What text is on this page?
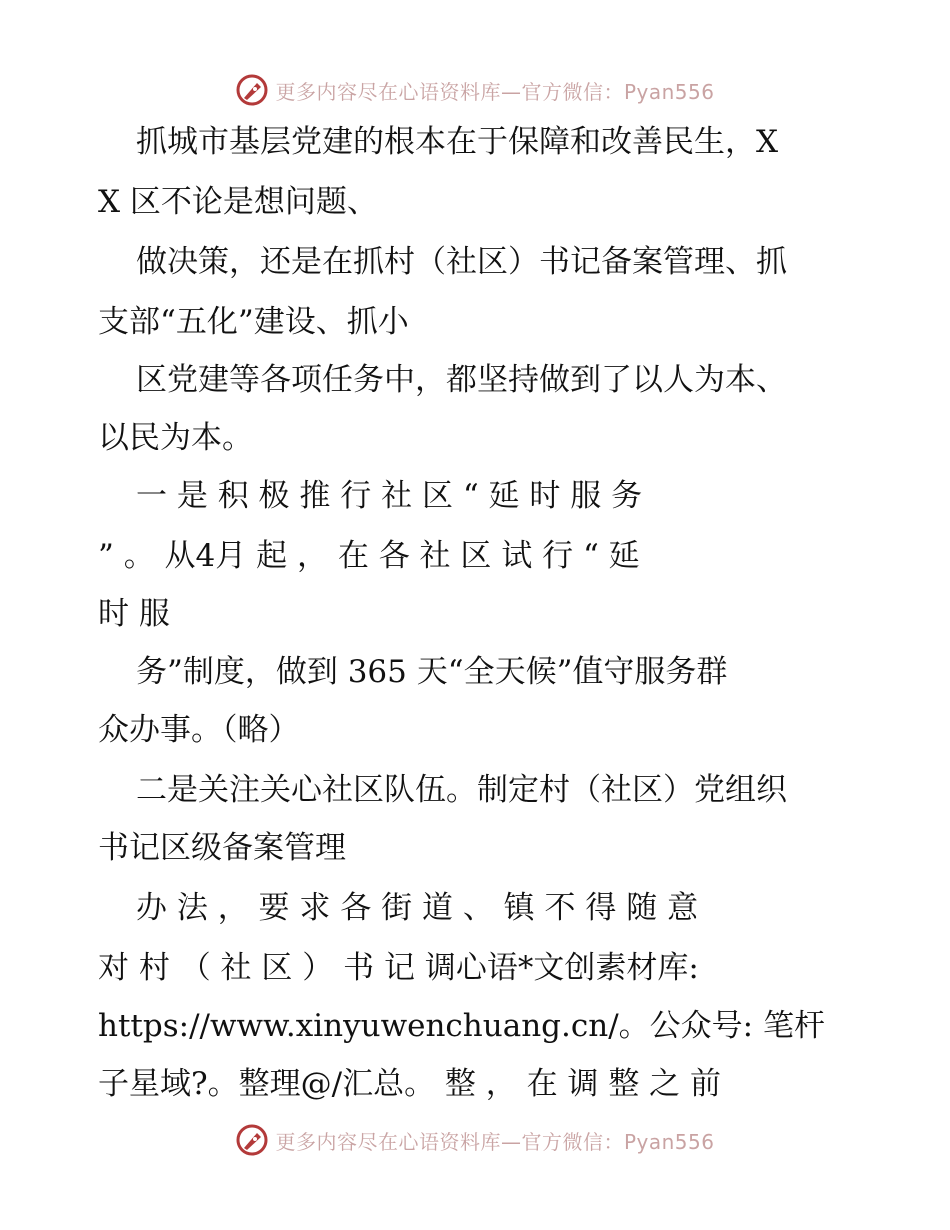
更多内容尽在心语资料库—官方微信：Pyan556
抓城市基层党建的根本在于保障和改善民生，X
X 区不论是想问题、
做决策，还是在抓村（社区）书记备案管理、抓
支部“五化”建设、抓小
区党建等各项任务中，都坚持做到了以人为本、
以民为本。
一 是 积 极 推 行 社 区 “ 延 时 服 务
” 。 从4月 起 ， 在 各 社 区 试 行 “ 延
时 服
务”制度，做到 365 天“全天候”值守服务群
众办事。（略）
二是关注关心社区队伍。制定村（社区）党组织
书记区级备案管理
办 法 ， 要 求 各 街 道 、 镇 不 得 随 意
对 村 （ 社 区 ） 书 记 调心语*文创素材库:
https://www.xinyuwenchuang.cn/。公众号: 笔杆
子星域?。整理@/汇总。 整 ， 在 调 整 之 前
更多内容尽在心语资料库—官方微信：Pyan556
